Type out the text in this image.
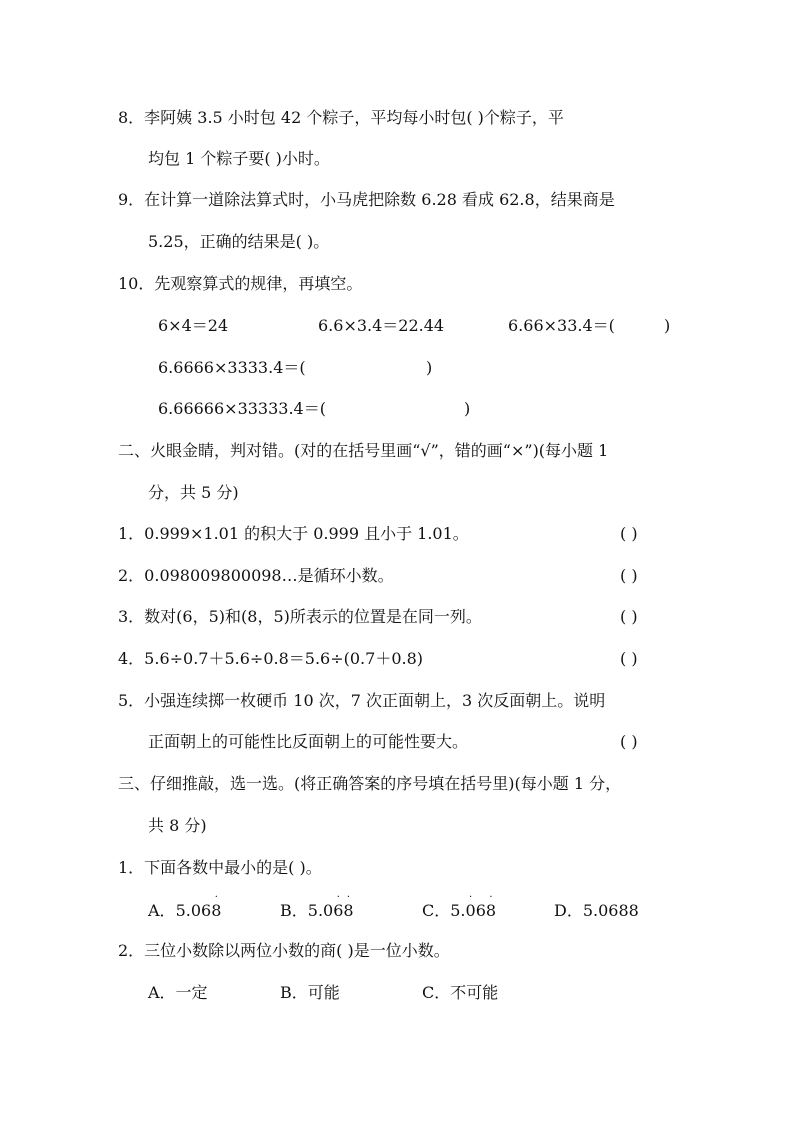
8．李阿姨 3.5 小时包 42 个粽子，平均每小时包( )个粽子，平
均包 1 个粽子要( )小时。
9．在计算一道除法算式时，小马虎把除数 6.28 看成 62.8，结果商是
5.25，正确的结果是( )。
10．先观察算式的规律，再填空。
6×4＝24	6.6×3.4＝22.44	6.66×33.4＝(	)
6.6666×3333.4＝(	)
6.66666×33333.4＝(	)
二、火眼金睛，判对错。(对的在括号里画“√”，错的画“×”)(每小题 1
分，共 5 分)
1．0.999×1.01 的积大于 0.999 且小于 1.01。	( )
2．0.098009800098…是循环小数。	( )
3．数对(6，5)和(8，5)所表示的位置是在同一列。	( )
4．5.6÷0.7＋5.6÷0.8＝5.6÷(0.7＋0.8)	( )
5．小强连续掷一枚硬币 10 次，7 次正面朝上，3 次反面朝上。说明
正面朝上的可能性比反面朝上的可能性要大。	( )
三、仔细推敲，选一选。(将正确答案的序号填在括号里)(每小题 1 分，
共 8 分)
1．下面各数中最小的是( )。
A．5.06
·
8	B．5.0
·
6
·
8	C．5.
·
06
·
8	D．5.0688
2．三位小数除以两位小数的商( )是一位小数。
A．一定	B．可能	C．不可能
